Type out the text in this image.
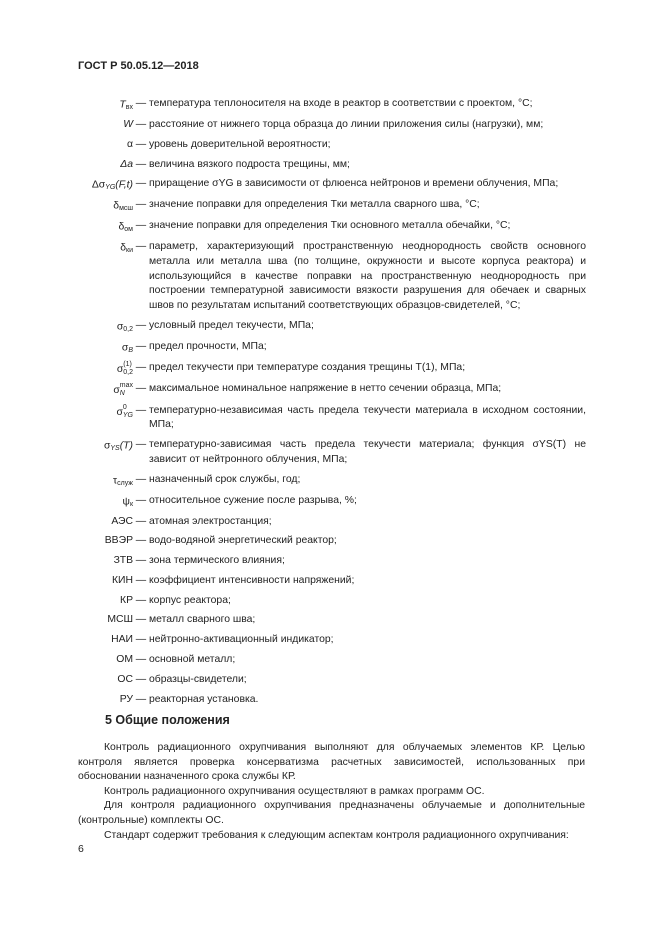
ГОСТ Р 50.05.12—2018
T вх — температура теплоносителя на входе в реактор в соответствии с проектом, °С;
W — расстояние от нижнего торца образца до линии приложения силы (нагрузки), мм;
α — уровень доверительной вероятности;
Δa — величина вязкого подроста трещины, мм;
Δσ YG (F,t) — приращение σYG в зависимости от флюенса нейтронов и времени облучения, МПа;
δ мсш — значение поправки для определения Tки металла сварного шва, °С;
δ ом — значение поправки для определения Tки основного металла обечайки, °С;
δ ки — параметр, характеризующий пространственную неоднородность свойств основного металла или металла шва (по толщине, окружности и высоте корпуса реактора) и использующийся в качестве поправки на пространственную неоднородность при построении температурной зависимости вязкости разрушения для обечаек и сварных швов по результатам испытаний соответствующих образцов-свидетелей, °С;
σ 0,2 — условный предел текучести, МПа;
σ B — предел прочности, МПа;
σ (1)
0,2 — предел текучести при температуре создания трещины T(1), МПа;
σ max
N	— максимальное номинальное напряжение в нетто сечении образца, МПа;
σ 0
YG — температурно-независимая часть предела текучести материала в исходном состоянии, МПа;
σ YS (T) — температурно-зависимая часть предела текучести материала; функция σYS(T) не зависит от нейтронного облучения, МПа;
τ служ — назначенный срок службы, год;
ψ к — относительное сужение после разрыва, %;
АЭС — атомная электростанция;
ВВЭР — водо-водяной энергетический реактор;
ЗТВ — зона термического влияния;
КИН — коэффициент интенсивности напряжений;
КР — корпус реактора;
МСШ — металл сварного шва;
НАИ — нейтронно-активационный индикатор;
ОМ — основной металл;
ОС — образцы-свидетели;
РУ — реакторная установка.
5 Общие положения

Контроль радиационного охрупчивания выполняют для облучаемых элементов КР. Целью контроля является проверка консерватизма расчетных зависимостей, использованных при обосновании назначенного срока службы КР.

Контроль радиационного охрупчивания осуществляют в рамках программ ОС.

Для контроля радиационного охрупчивания предназначены облучаемые и дополнительные (контрольные) комплекты ОС.

Стандарт содержит требования к следующим аспектам контроля радиационного охрупчивания:

6
